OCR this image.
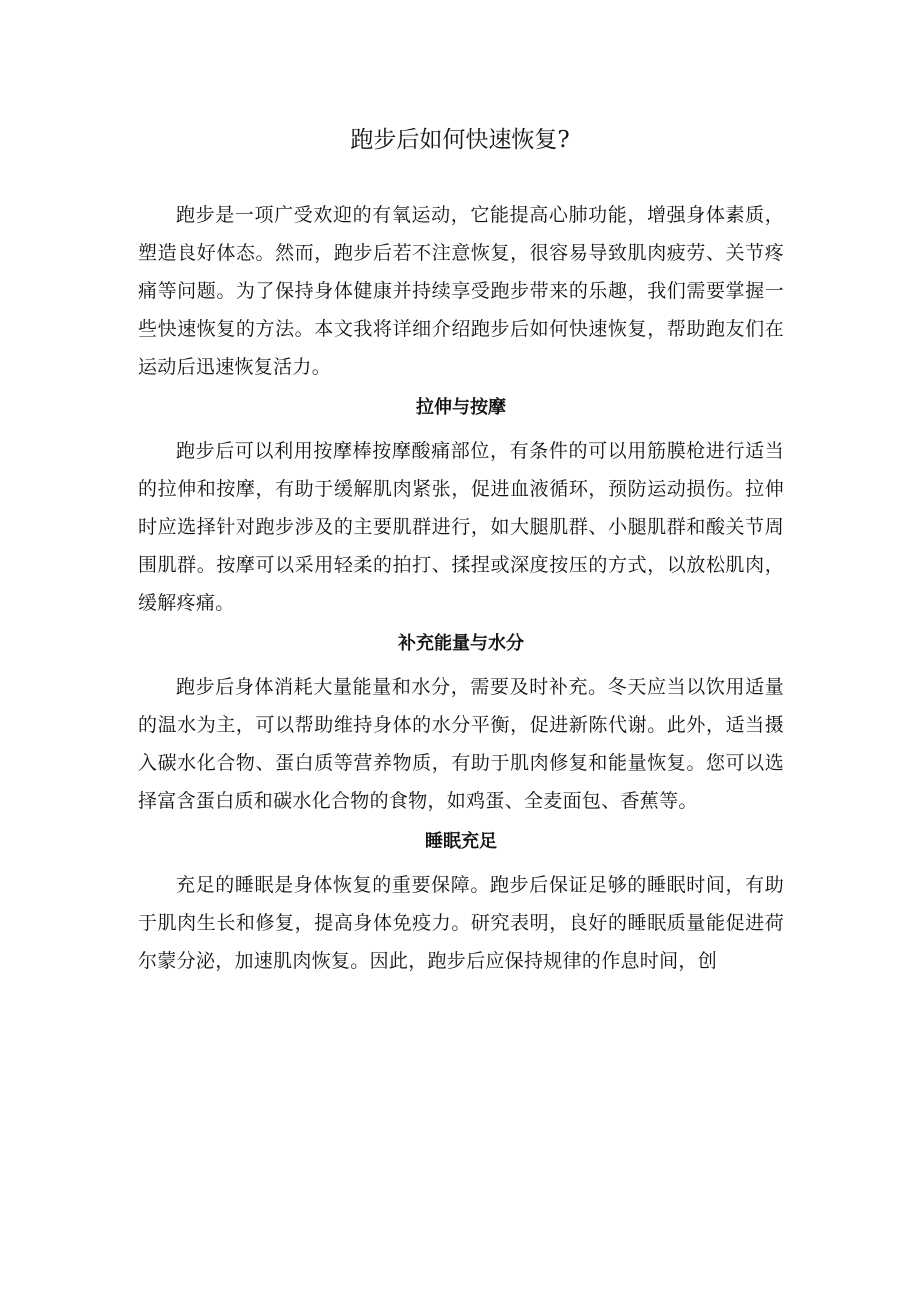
跑步后如何快速恢复?

跑步是一项广受欢迎的有氧运动，它能提高心肺功能，增强身体素质，塑造良好体态。然而，跑步后若不注意恢复，很容易导致肌肉疲劳、关节疼痛等问题。为了保持身体健康并持续享受跑步带来的乐趣，我们需要掌握一些快速恢复的方法。本文我将详细介绍跑步后如何快速恢复，帮助跑友们在运动后迅速恢复活力。

拉伸与按摩

跑步后可以利用按摩棒按摩酸痛部位，有条件的可以用筋膜枪进行适当的拉伸和按摩，有助于缓解肌肉紧张，促进血液循环，预防运动损伤。拉伸时应选择针对跑步涉及的主要肌群进行，如大腿肌群、小腿肌群和酸关节周围肌群。按摩可以采用轻柔的拍打、揉捏或深度按压的方式，以放松肌肉，缓解疼痛。

补充能量与水分

跑步后身体消耗大量能量和水分，需要及时补充。冬天应当以饮用适量的温水为主，可以帮助维持身体的水分平衡，促进新陈代谢。此外，适当摄入碳水化合物、蛋白质等营养物质，有助于肌肉修复和能量恢复。您可以选择富含蛋白质和碳水化合物的食物，如鸡蛋、全麦面包、香蕉等。

睡眠充足

充足的睡眠是身体恢复的重要保障。跑步后保证足够的睡眠时间，有助于肌肉生长和修复，提高身体免疫力。研究表明，良好的睡眠质量能促进荷尔蒙分泌，加速肌肉恢复。因此，跑步后应保持规律的作息时间，创
